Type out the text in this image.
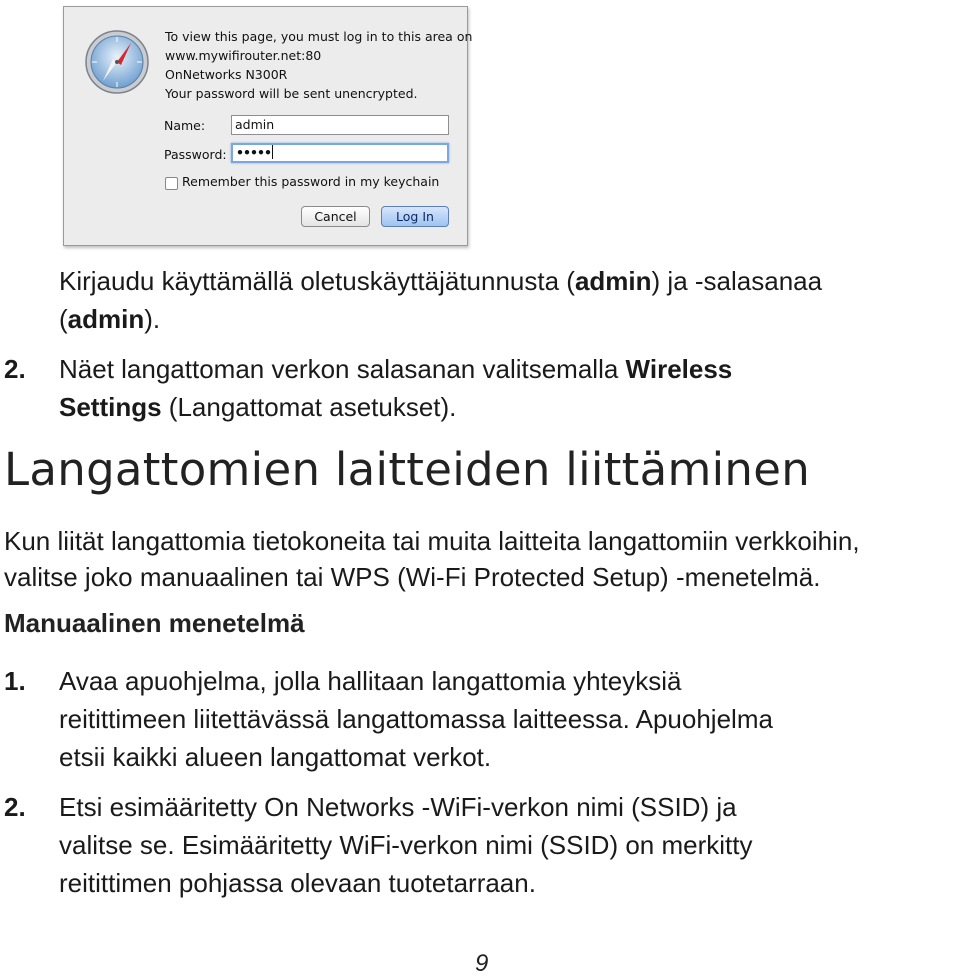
To view this page, you must log in to this area on
www.mywifirouter.net:80
OnNetworks N300R
Your password will be sent unencrypted.
Name:	admin
Password: •••••
Remember this password in my keychain
Cancel	Log In
Kirjaudu käyttämällä oletuskäyttäjätunnusta (admin) ja -salasanaa
(admin).
2. Näet langattoman verkon salasanan valitsemalla Wireless
Settings (Langattomat asetukset).
Langattomien laitteiden liittäminen
Kun liität langattomia tietokoneita tai muita laitteita langattomiin verkkoihin,
valitse joko manuaalinen tai WPS (Wi-Fi Protected Setup) -menetelmä.
Manuaalinen menetelmä
1. Avaa apuohjelma, jolla hallitaan langattomia yhteyksiä
reitittimeen liitettävässä langattomassa laitteessa. Apuohjelma
etsii kaikki alueen langattomat verkot.
2. Etsi esimääritetty On Networks -WiFi-verkon nimi (SSID) ja
valitse se. Esimääritetty WiFi-verkon nimi (SSID) on merkitty
reitittimen pohjassa olevaan tuotetarraan.
9
